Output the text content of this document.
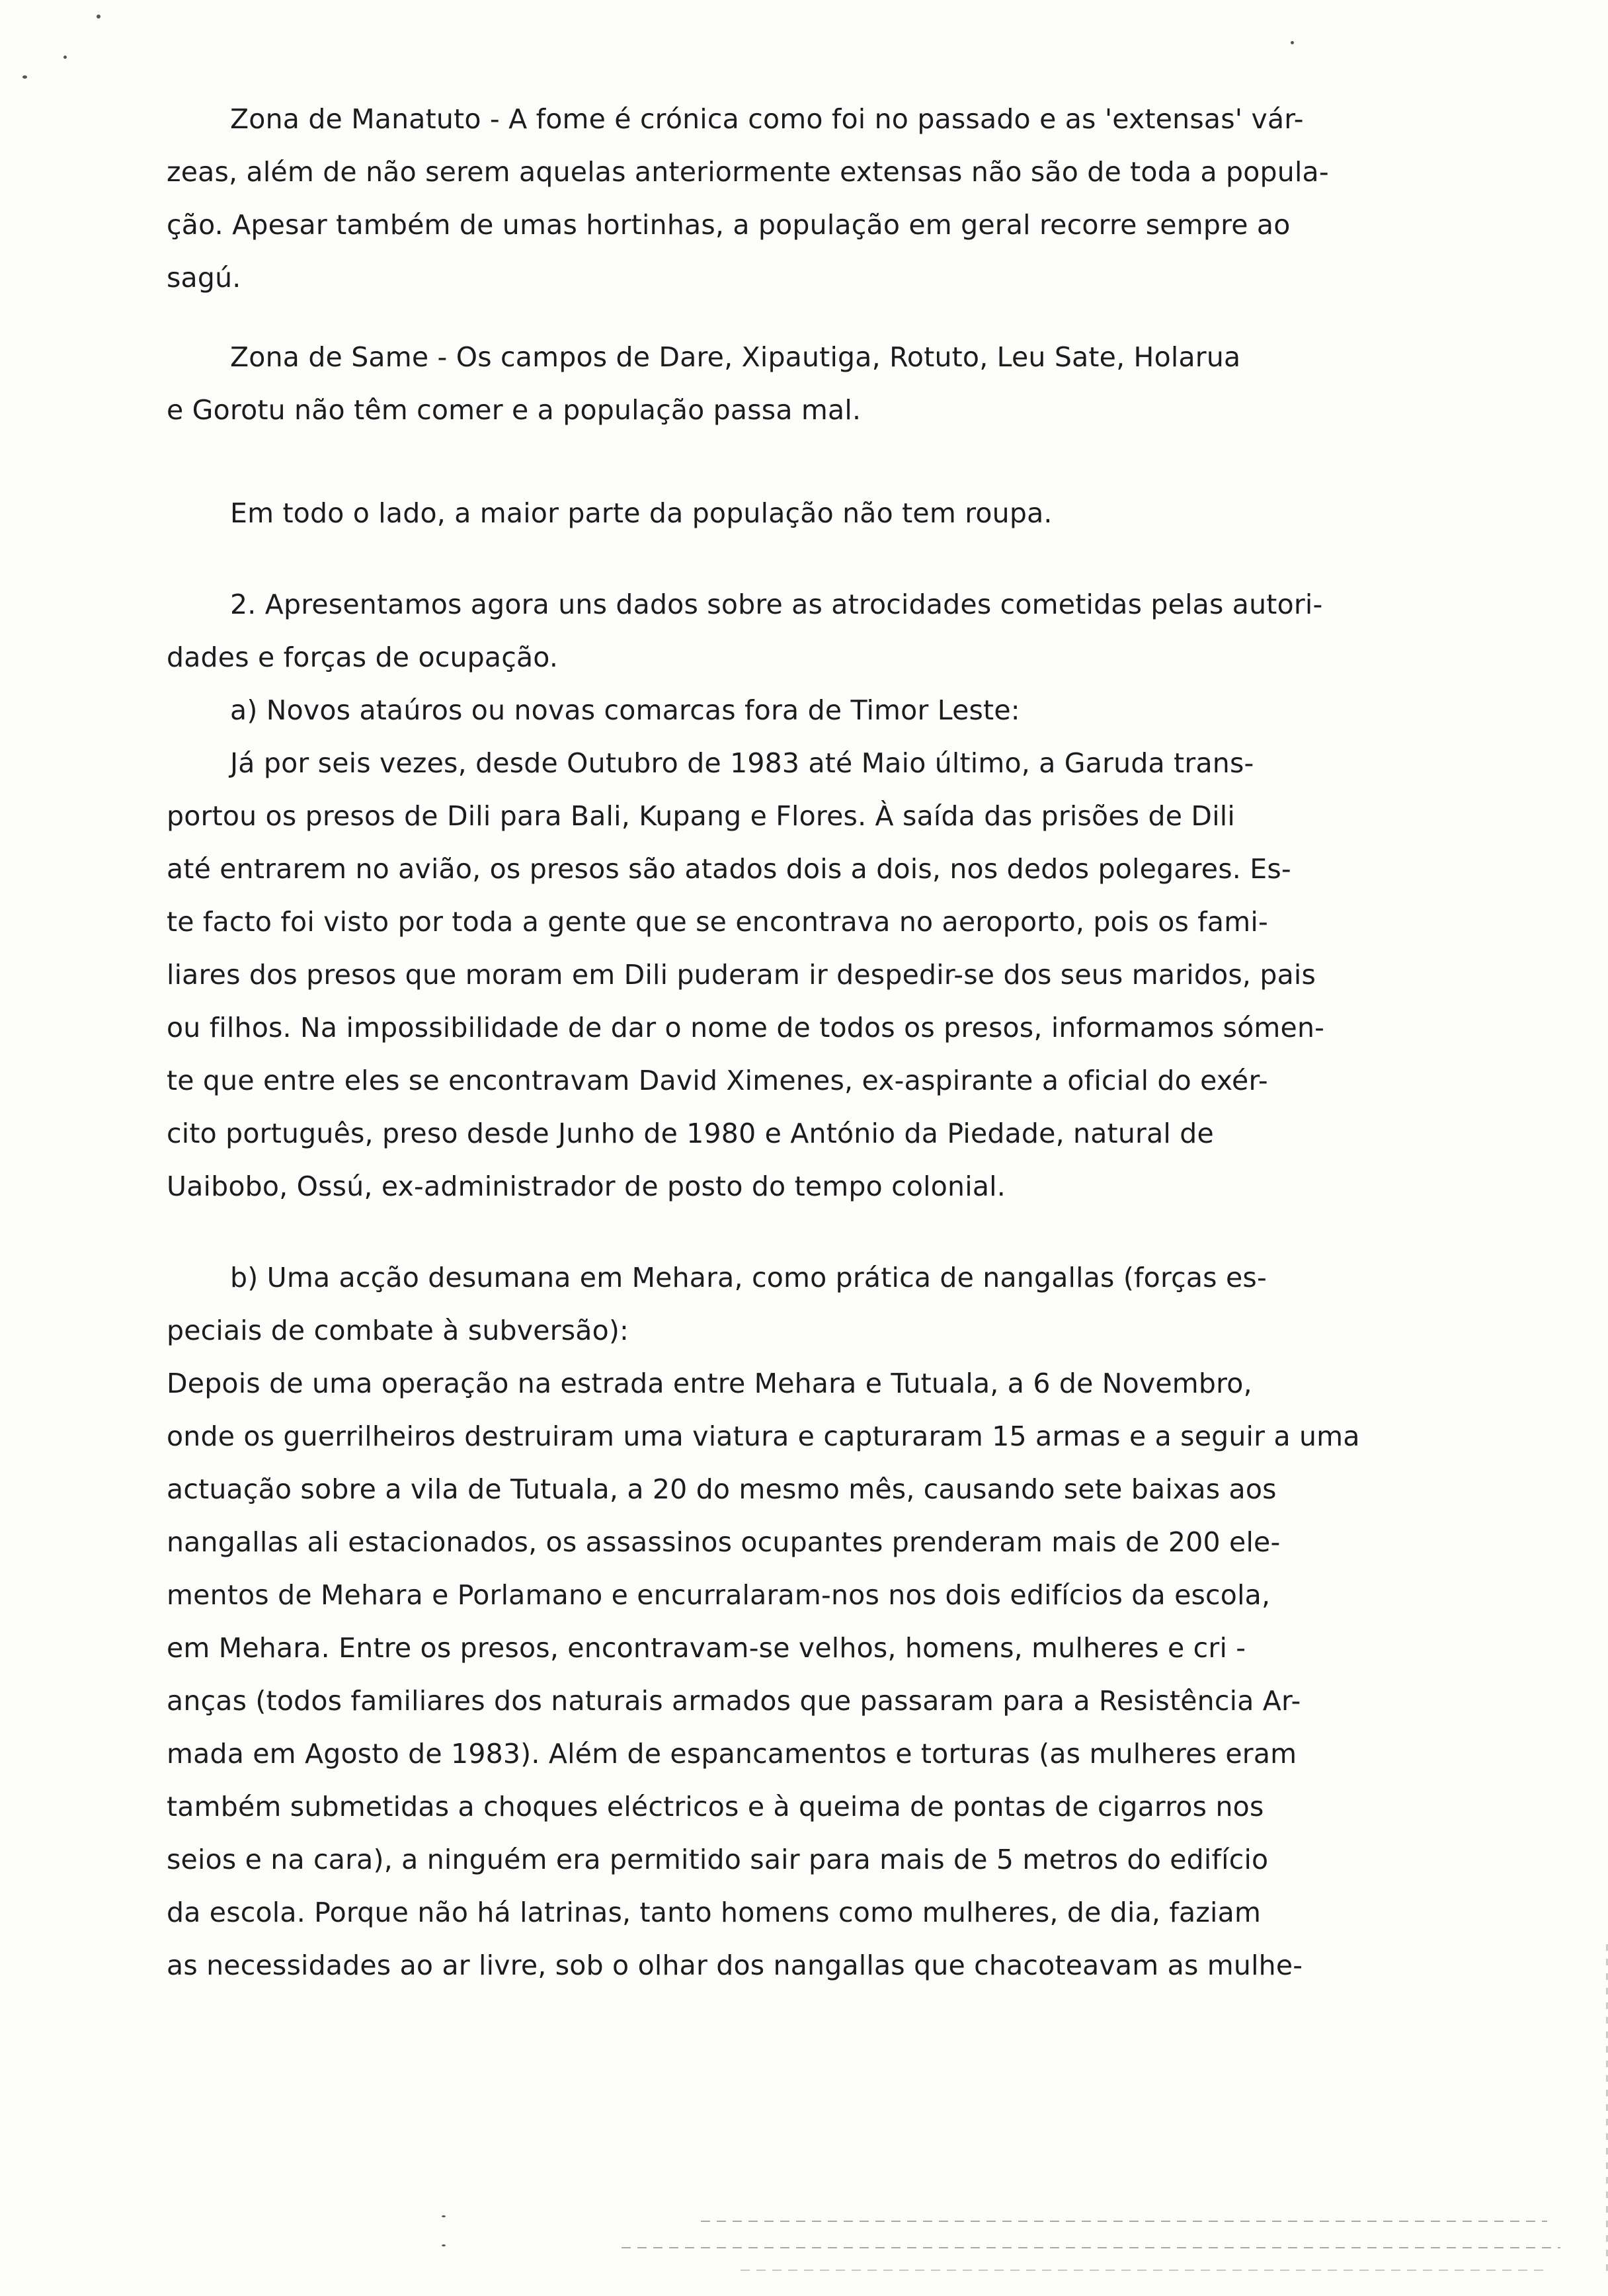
Zona de Manatuto - A fome é crónica como foi no passado e as 'extensas' vár-
zeas, além de não serem aquelas anteriormente extensas não são de toda a popula-
ção. Apesar também de umas hortinhas, a população em geral recorre sempre ao
sagú.
Zona de Same - Os campos de Dare, Xipautiga, Rotuto, Leu Sate, Holarua
e Gorotu não têm comer e a população passa mal.
Em todo o lado, a maior parte da população não tem roupa.
2. Apresentamos agora uns dados sobre as atrocidades cometidas pelas autori-
dades e forças de ocupação.
a) Novos ataúros ou novas comarcas fora de Timor Leste:
Já por seis vezes, desde Outubro de 1983 até Maio último, a Garuda trans-
portou os presos de Dili para Bali, Kupang e Flores. À saída das prisões de Dili
até entrarem no avião, os presos são atados dois a dois, nos dedos polegares. Es-
te facto foi visto por toda a gente que se encontrava no aeroporto, pois os fami-
liares dos presos que moram em Dili puderam ir despedir-se dos seus maridos, pais
ou filhos. Na impossibilidade de dar o nome de todos os presos, informamos sómen-
te que entre eles se encontravam David Ximenes, ex-aspirante a oficial do exér-
cito português, preso desde Junho de 1980 e António da Piedade, natural de
Uaibobo, Ossú, ex-administrador de posto do tempo colonial.
b) Uma acção desumana em Mehara, como prática de nangallas (forças es-
peciais de combate à subversão):
Depois de uma operação na estrada entre Mehara e Tutuala, a 6 de Novembro,
onde os guerrilheiros destruiram uma viatura e capturaram 15 armas e a seguir a uma
actuação sobre a vila de Tutuala, a 20 do mesmo mês, causando sete baixas aos
nangallas ali estacionados, os assassinos ocupantes prenderam mais de 200 ele-
mentos de Mehara e Porlamano e encurralaram-nos nos dois edifícios da escola,
em Mehara. Entre os presos, encontravam-se velhos, homens, mulheres e cri -
anças (todos familiares dos naturais armados que passaram para a Resistência Ar-
mada em Agosto de 1983). Além de espancamentos e torturas (as mulheres eram
também submetidas a choques eléctricos e à queima de pontas de cigarros nos
seios e na cara), a ninguém era permitido sair para mais de 5 metros do edifício
da escola. Porque não há latrinas, tanto homens como mulheres, de dia, faziam
as necessidades ao ar livre, sob o olhar dos nangallas que chacoteavam as mulhe-
